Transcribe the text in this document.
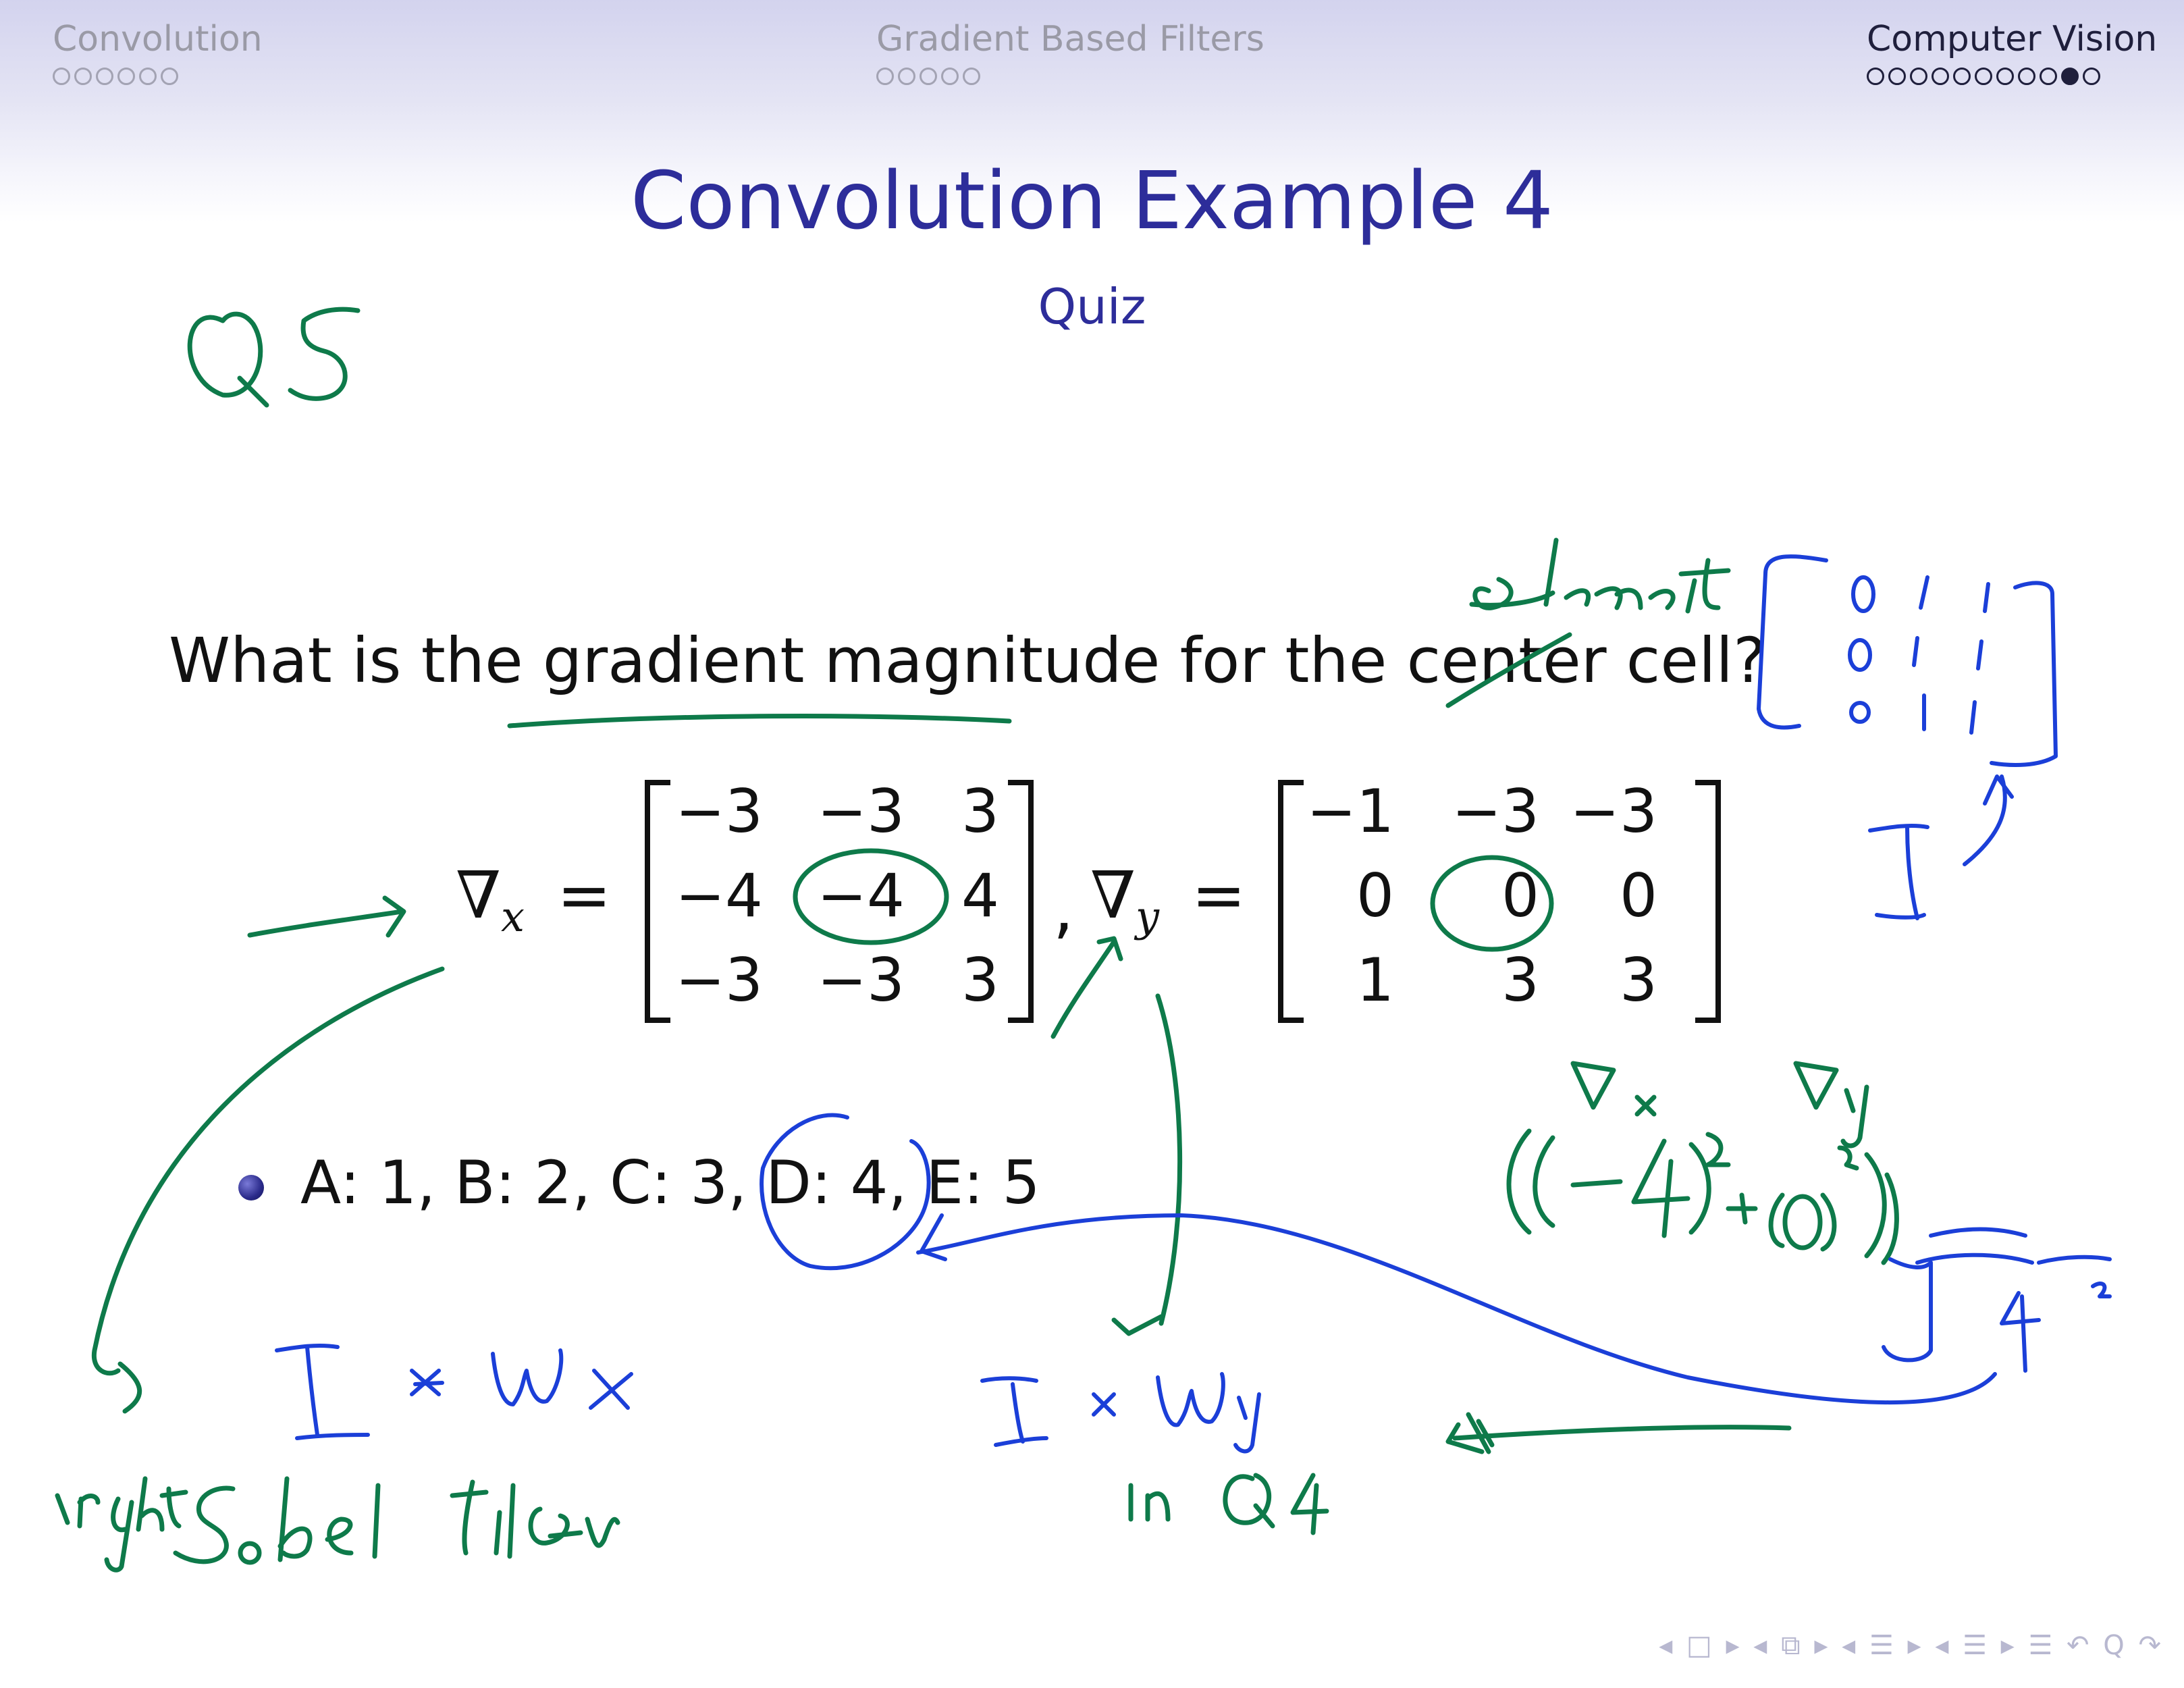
Convolution	Gradient Based Filters	Computer Vision
Convolution Example 4
Quiz
What is the gradient magnitude for the center cell?
$\nabla_x$ =	, $\nabla_y$ =
−3 −3 3
−4 −4 4
−3 −3 3
−1 −3 −3
0	0	0
1	3	3
A: 1, B: 2, C: 3, D: 4, E: 5
◂ □ ▸ ◂ ⧉ ▸ ◂ ☰ ▸ ◂ ☰ ▸ ☰ ↶ Q ↷
